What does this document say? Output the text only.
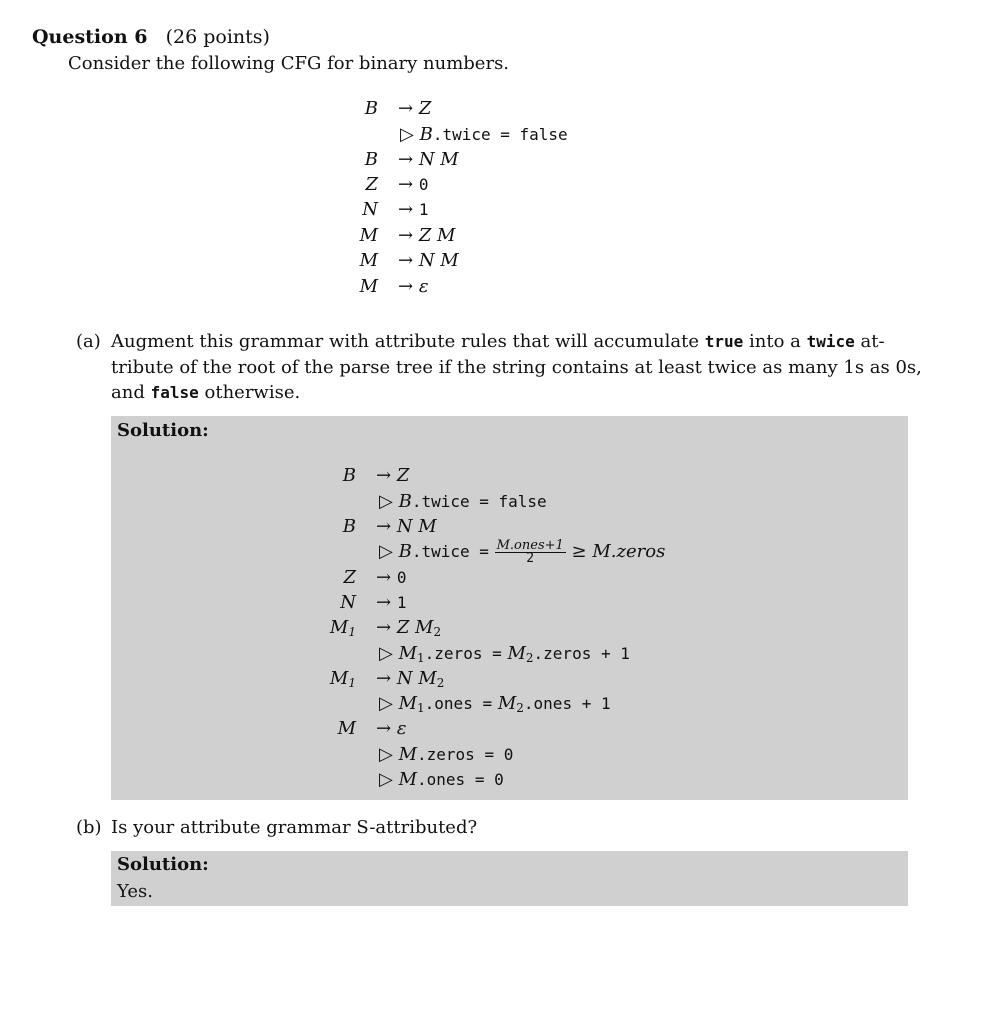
Question 6 (26 points)
Consider the following CFG for binary numbers.
B → Z
▷ B.twice = false
B → N M
Z → 0
N → 1
M → Z M
M → N M
M → ε
(a) Augment this grammar with attribute rules that will accumulate true into a twice at-
tribute of the root of the parse tree if the string contains at least twice as many 1s as 0s,
and false otherwise.
Solution:
B → Z
▷ B.twice = false
B → N M
▷ B.twice = $\frac{\text{M.ones+1}}{2}$ ≥ M.zeros
Z → 0
N → 1
$M_1 \to Z$ $M_2$
▷ $M_1.zeros$ = $M_2.zeros + 1$
$M_1 \to N$ $M_2$
▷ $M_1.ones$ = $M_2.ones + 1$
M → ε
▷ M.zeros = 0
▷ M.ones = 0
(b) Is your attribute grammar S-attributed?
Solution:
Yes.
